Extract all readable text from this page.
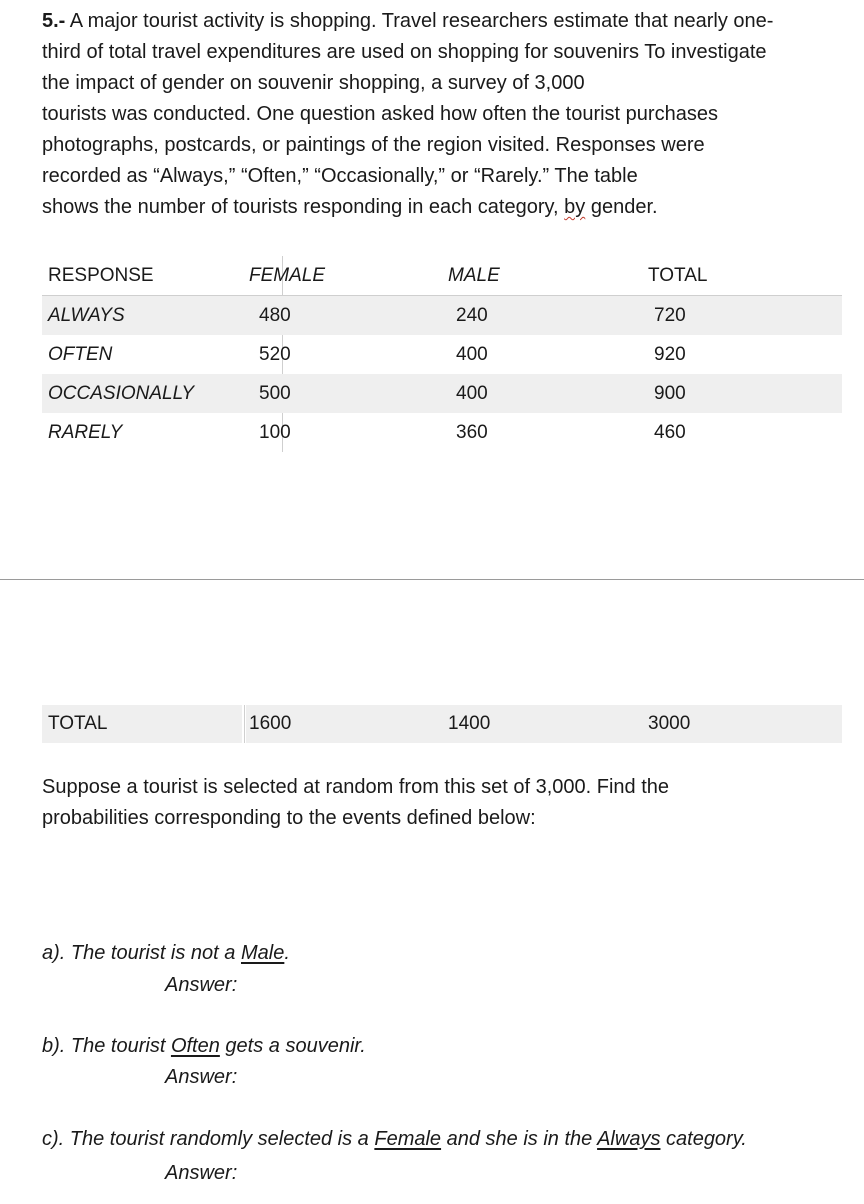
5.- A major tourist activity is shopping. Travel researchers estimate that nearly one-
third of total travel expenditures are used on shopping for souvenirs To investigate
the impact of gender on souvenir shopping, a survey of 3,000
tourists was conducted. One question asked how often the tourist purchases
photographs, postcards, or paintings of the region visited. Responses were
recorded as “Always,” “Often,” “Occasionally,” or “Rarely.” The table
shows the number of tourists responding in each category, by gender.
RESPONSE	FEMALE	MALE	TOTAL
ALWAYS	480	240	720
OFTEN	520	400	920
OCCASIONALLY	500	400	900
RARELY	100	360	460
TOTAL	1600	1400	3000
Suppose a tourist is selected at random from this set of 3,000. Find the
probabilities corresponding to the events defined below:
a). The tourist is not a Male.
Answer:
b). The tourist Often gets a souvenir.
Answer:
c). The tourist randomly selected is a Female and she is in the Always category.
Answer:
